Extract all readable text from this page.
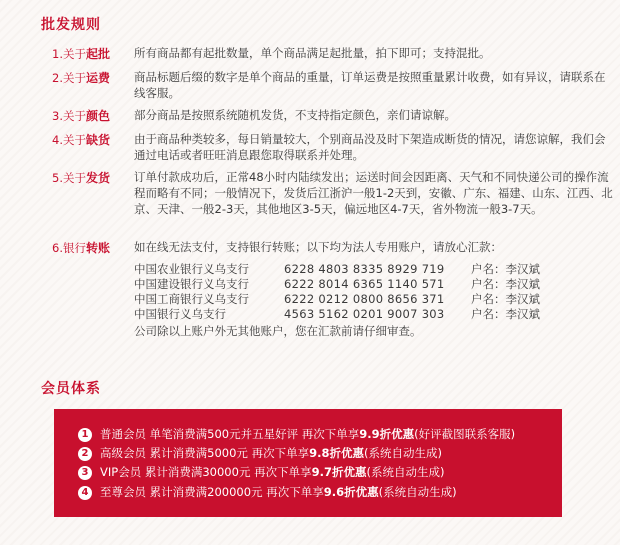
批发规则
1.关于起批	所有商品都有起批数量，单个商品满足起批量，拍下即可；支持混批。
2.关于运费	商品标题后缀的数字是单个商品的重量，订单运费是按照重量累计收费，如有异议，请联系在线客服。
3.关于颜色	部分商品是按照系统随机发货，不支持指定颜色，亲们请谅解。
4.关于缺货	由于商品种类较多，每日销量较大，个别商品没及时下架造成断货的情况，请您谅解，我们会通过电话或者旺旺消息跟您取得联系并处理。
5.关于发货	订单付款成功后，正常48小时内陆续发出；运送时间会因距离、天气和不同快递公司的操作流程而略有不同；一般情况下，发货后江浙沪一般1-2天到，安徽、广东、福建、山东、江西、北京、天津、一般2-3天，其他地区3-5天，偏远地区4-7天，省外物流一般3-7天。
6.银行转账	如在线无法支付，支持银行转账；以下均为法人专用账户，请放心汇款：
中国农业银行义乌支行	6228 4803 8335 8929 719 户名：李汉斌
中国建设银行义乌支行	6222 8014 6365 1140 571 户名：李汉斌
中国工商银行义乌支行	6222 0212 0800 8656 371 户名：李汉斌
中国银行义乌支行	4563 5162 0201 9007 303 户名：李汉斌
公司除以上账户外无其他账户，您在汇款前请仔细审查。
会员体系
1 普通会员 单笔消费满500元并五星好评 再次下单享9.9折优惠(好评截图联系客服)
2 高级会员 累计消费满5000元 再次下单享9.8折优惠(系统自动生成)
3 VIP会员 累计消费满30000元 再次下单享9.7折优惠(系统自动生成)
4 至尊会员 累计消费满200000元 再次下单享9.6折优惠(系统自动生成)
